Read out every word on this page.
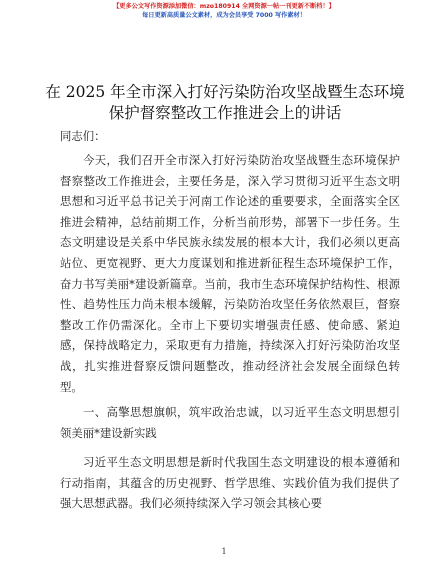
【更多公文写作资源添加微信：mzo180914 全网资源一帖一刊更新不断档！】
每日更新高质量公文素材，成为会员享受 7000 写作素材！
在 2025 年全市深入打好污染防治攻坚战暨生态环境保护督察整改工作推进会上的讲话
同志们：
今天，我们召开全市深入打好污染防治攻坚战暨生态环境保护督察整改工作推进会，主要任务是，深入学习贯彻习近平生态文明思想和习近平总书记关于河南工作论述的重要要求，全面落实全区推进会精神，总结前期工作，分析当前形势，部署下一步任务。生态文明建设是关系中华民族永续发展的根本大计，我们必须以更高站位、更宽视野、更大力度谋划和推进新征程生态环境保护工作，奋力书写美丽*建设新篇章。当前，我市生态环境保护结构性、根源性、趋势性压力尚未根本缓解，污染防治攻坚任务依然艰巨，督察整改工作仍需深化。全市上下要切实增强责任感、使命感、紧迫感，保持战略定力，采取更有力措施，持续深入打好污染防治攻坚战，扎实推进督察反馈问题整改，推动经济社会发展全面绿色转型。
一、高擎思想旗帜，筑牢政治忠诚，以习近平生态文明思想引领美丽*建设新实践
习近平生态文明思想是新时代我国生态文明建设的根本遵循和行动指南，其蕴含的历史视野、哲学思维、实践价值为我们提供了强大思想武器。我们必须持续深入学习领会其核心要
1
